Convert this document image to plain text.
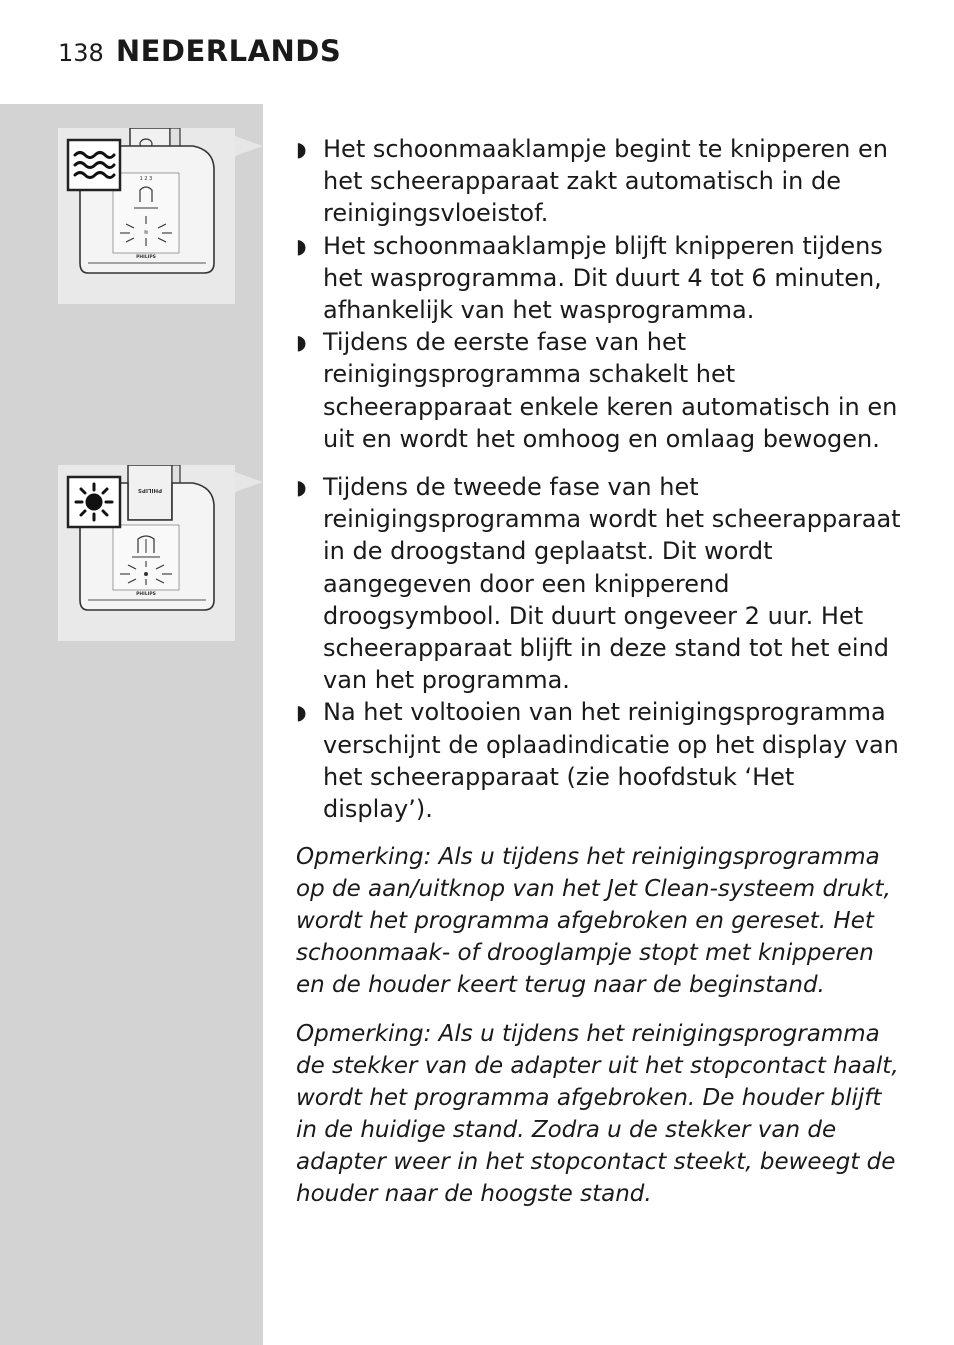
138 NEDERLANDS
1 2 3
≋
PHILIPS
PHILIPS
PHILIPS

◗ Het schoonmaaklampje begint te knipperen en het scheerapparaat zakt automatisch in de reinigingsvloeistof.

◗ Het schoonmaaklampje blijft knipperen tijdens het wasprogramma. Dit duurt 4 tot 6 minuten, afhankelijk van het wasprogramma.

◗ Tijdens de eerste fase van het reinigingsprogramma schakelt het scheerapparaat enkele keren automatisch in en uit en wordt het omhoog en omlaag bewogen.

◗ Tijdens de tweede fase van het reinigingsprogramma wordt het scheerapparaat in de droogstand geplaatst. Dit wordt aangegeven door een knipperend droogsymbool. Dit duurt ongeveer 2 uur. Het scheerapparaat blijft in deze stand tot het eind van het programma.

◗ Na het voltooien van het reinigingsprogramma verschijnt de oplaadindicatie op het display van het scheerapparaat (zie hoofdstuk ‘Het display’).

Opmerking: Als u tijdens het reinigingsprogramma op de aan/uitknop van het Jet Clean-systeem drukt, wordt het programma afgebroken en gereset. Het schoonmaak- of drooglampje stopt met knipperen en de houder keert terug naar de beginstand.

Opmerking: Als u tijdens het reinigingsprogramma de stekker van de adapter uit het stopcontact haalt, wordt het programma afgebroken. De houder blijft in de huidige stand. Zodra u de stekker van de adapter weer in het stopcontact steekt, beweegt de houder naar de hoogste stand.
